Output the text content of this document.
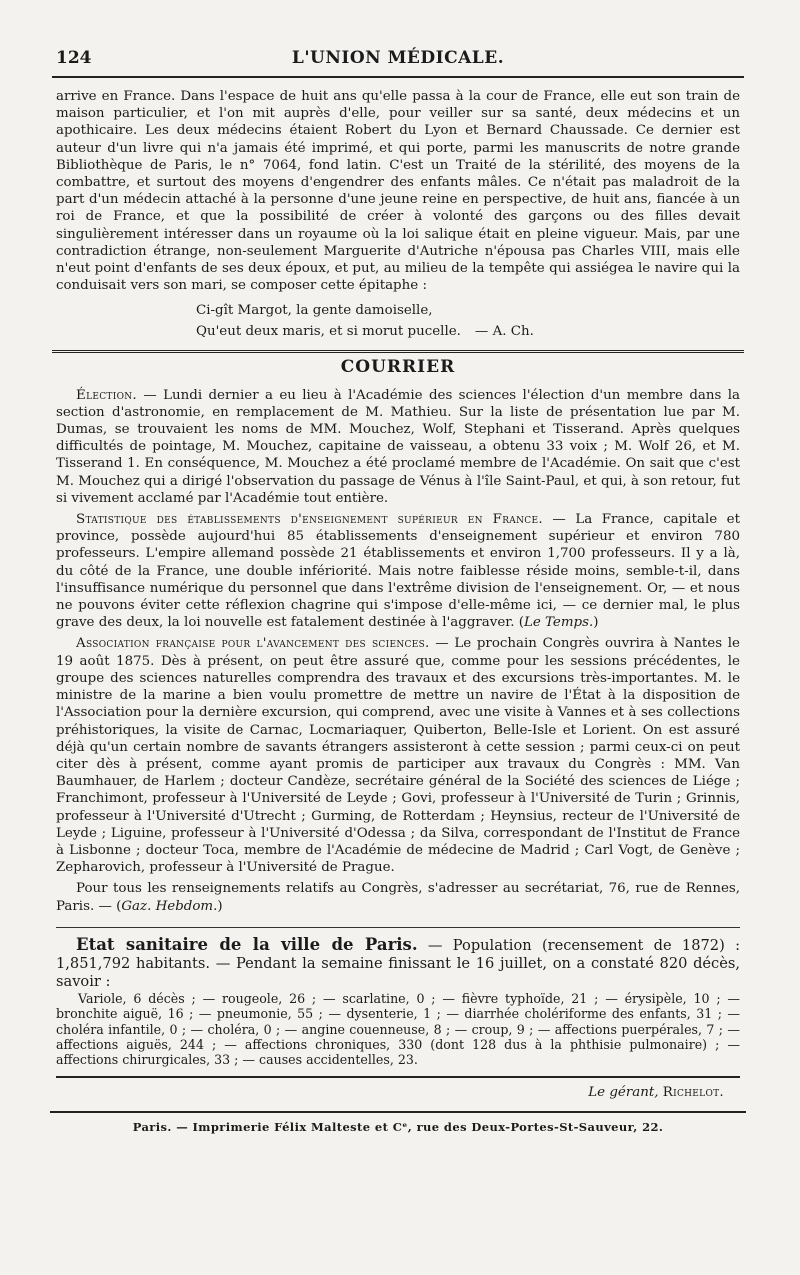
124	L'UNION MÉDICALE.

arrive en France. Dans l'espace de huit ans qu'elle passa à la cour de France, elle eut son train de maison particulier, et l'on mit auprès d'elle, pour veiller sur sa santé, deux médecins et un apothicaire. Les deux médecins étaient Robert du Lyon et Bernard Chaussade. Ce dernier est auteur d'un livre qui n'a jamais été imprimé, et qui porte, parmi les manuscrits de notre grande Bibliothèque de Paris, le n° 7064, fond latin. C'est un Traité de la stérilité, des moyens de la combattre, et surtout des moyens d'engendrer des enfants mâles. Ce n'était pas maladroit de la part d'un médecin attaché à la personne d'une jeune reine en perspective, de huit ans, fiancée à un roi de France, et que la possibilité de créer à volonté des garçons ou des filles devait singulièrement intéresser dans un royaume où la loi salique était en pleine vigueur. Mais, par une contradiction étrange, non-seulement Marguerite d'Autriche n'épousa pas Charles VIII, mais elle n'eut point d'enfants de ses deux époux, et put, au milieu de la tempête qui assiégea le navire qui la conduisait vers son mari, se composer cette épitaphe :

Ci-gît Margot, la gente damoiselle,
Qu'eut deux maris, et si morut pucelle. — A. Ch.

COURRIER

Élection. — Lundi dernier a eu lieu à l'Académie des sciences l'élection d'un membre dans la section d'astronomie, en remplacement de M. Mathieu. Sur la liste de présentation lue par M. Dumas, se trouvaient les noms de MM. Mouchez, Wolf, Stephani et Tisserand. Après quelques difficultés de pointage, M. Mouchez, capitaine de vaisseau, a obtenu 33 voix ; M. Wolf 26, et M. Tisserand 1. En conséquence, M. Mouchez a été proclamé membre de l'Académie. On sait que c'est M. Mouchez qui a dirigé l'observation du passage de Vénus à l'île Saint-Paul, et qui, à son retour, fut si vivement acclamé par l'Académie tout entière.

Statistique des établissements d'enseignement supérieur en France. — La France, capitale et province, possède aujourd'hui 85 établissements d'enseignement supérieur et environ 780 professeurs. L'empire allemand possède 21 établissements et environ 1,700 professeurs. Il y a là, du côté de la France, une double infériorité. Mais notre faiblesse réside moins, semble-t-il, dans l'insuffisance numérique du personnel que dans l'extrême division de l'enseignement. Or, — et nous ne pouvons éviter cette réflexion chagrine qui s'impose d'elle-même ici, — ce dernier mal, le plus grave des deux, la loi nouvelle est fatalement destinée à l'aggraver. (Le Temps.)

Association française pour l'avancement des sciences. — Le prochain Congrès ouvrira à Nantes le 19 août 1875. Dès à présent, on peut être assuré que, comme pour les sessions précédentes, le groupe des sciences naturelles comprendra des travaux et des excursions très-importantes. M. le ministre de la marine a bien voulu promettre de mettre un navire de l'État à la disposition de l'Association pour la dernière excursion, qui comprend, avec une visite à Vannes et à ses collections préhistoriques, la visite de Carnac, Locmariaquer, Quiberton, Belle-Isle et Lorient. On est assuré déjà qu'un certain nombre de savants étrangers assisteront à cette session ; parmi ceux-ci on peut citer dès à présent, comme ayant promis de participer aux travaux du Congrès : MM. Van Baumhauer, de Harlem ; docteur Candèze, secrétaire général de la Société des sciences de Liége ; Franchimont, professeur à l'Université de Leyde ; Govi, professeur à l'Université de Turin ; Grinnis, professeur à l'Université d'Utrecht ; Gurming, de Rotterdam ; Heynsius, recteur de l'Université de Leyde ; Liguine, professeur à l'Université d'Odessa ; da Silva, correspondant de l'Institut de France à Lisbonne ; docteur Toca, membre de l'Académie de médecine de Madrid ; Carl Vogt, de Genève ; Zepharovich, professeur à l'Université de Prague.

Pour tous les renseignements relatifs au Congrès, s'adresser au secrétariat, 76, rue de Rennes, Paris. — (Gaz. Hebdom.)

Etat sanitaire de la ville de Paris. — Population (recensement de 1872) : 1,851,792 habitants. — Pendant la semaine finissant le 16 juillet, on a constaté 820 décès, savoir :

Variole, 6 décès ; — rougeole, 26 ; — scarlatine, 0 ; — fièvre typhoïde, 21 ; — érysipèle, 10 ; — bronchite aiguë, 16 ; — pneumonie, 55 ; — dysenterie, 1 ; — diarrhée cholériforme des enfants, 31 ; — choléra infantile, 0 ; — choléra, 0 ; — angine couenneuse, 8 ; — croup, 9 ; — affections puerpérales, 7 ; — affections aiguës, 244 ; — affections chroniques, 330 (dont 128 dus à la phthisie pulmonaire) ; — affections chirurgicales, 33 ; — causes accidentelles, 23.

Le gérant, Richelot.
Paris. — Imprimerie Félix Malteste et Cᵉ, rue des Deux-Portes-St-Sauveur, 22.
